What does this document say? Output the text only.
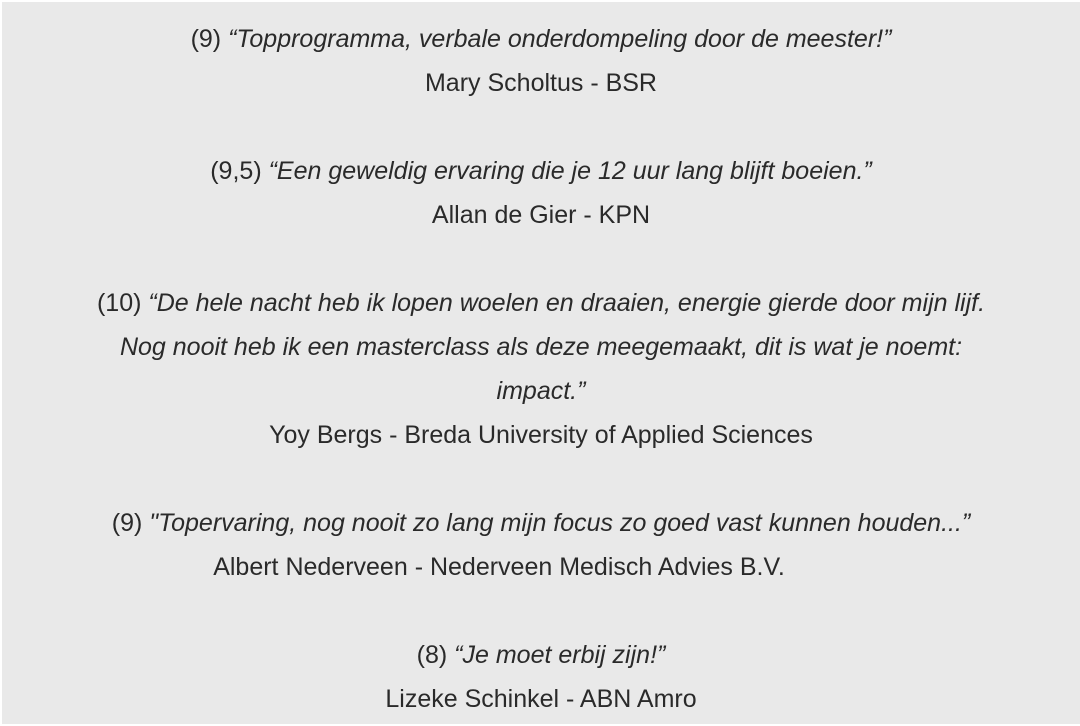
(9) “Topprogramma, verbale onderdompeling door de meester!”
Mary Scholtus - BSR
(9,5) “Een geweldig ervaring die je 12 uur lang blijft boeien.”
Allan de Gier - KPN
(10) “De hele nacht heb ik lopen woelen en draaien, energie gierde door mijn lijf.
Nog nooit heb ik een masterclass als deze meegemaakt, dit is wat je noemt:
impact.”
Yoy Bergs - Breda University of Applied Sciences
(9) "Topervaring, nog nooit zo lang mijn focus zo goed vast kunnen houden...”
Albert Nederveen - Nederveen Medisch Advies B.V.
(8) “Je moet erbij zijn!”
Lizeke Schinkel - ABN Amro
